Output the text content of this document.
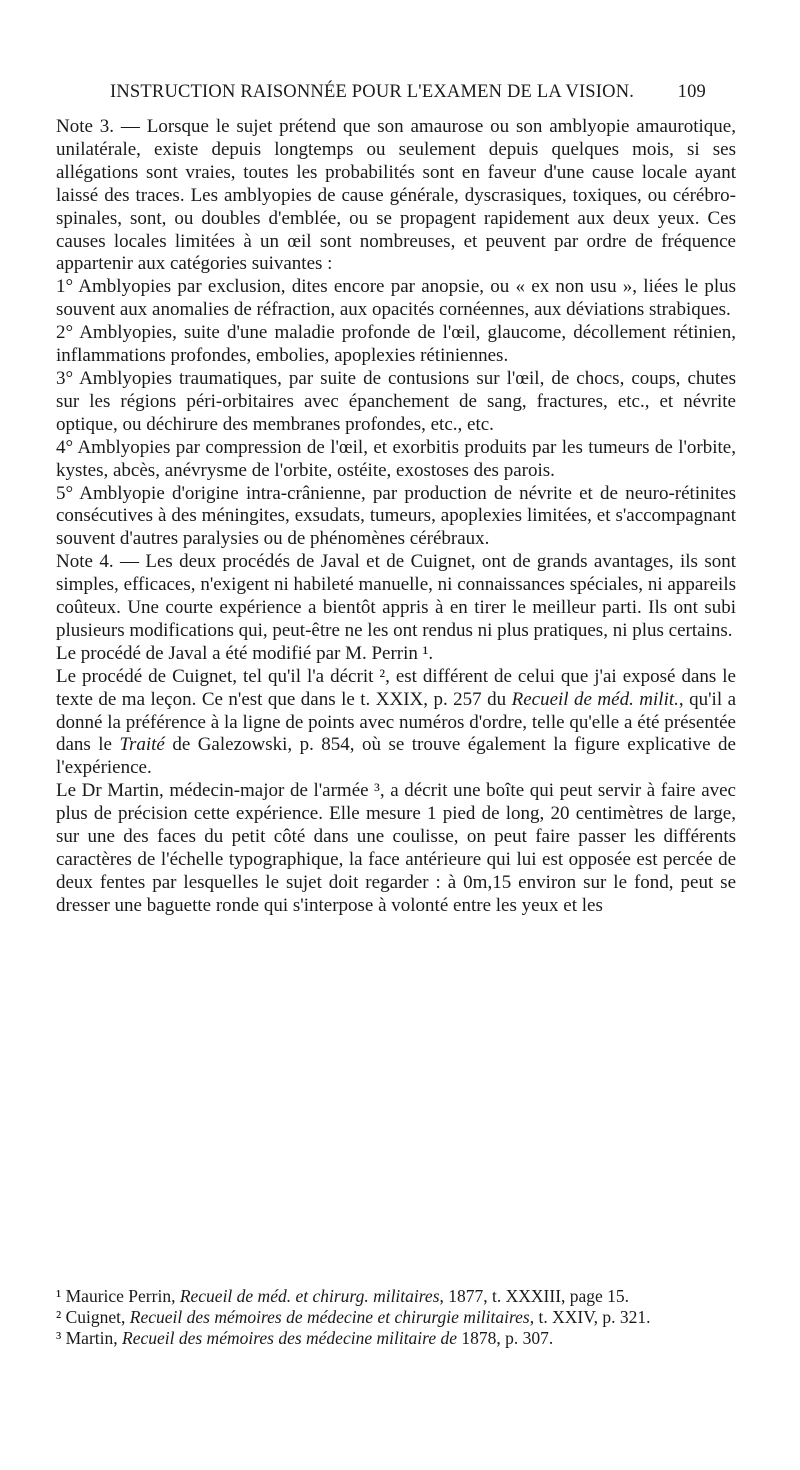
INSTRUCTION RAISONNÉE POUR L'EXAMEN DE LA VISION. 109

Note 3. — Lorsque le sujet prétend que son amaurose ou son amblyopie amaurotique, unilatérale, existe depuis longtemps ou seulement depuis quelques mois, si ses allégations sont vraies, toutes les probabilités sont en faveur d'une cause locale ayant laissé des traces. Les amblyopies de cause générale, dyscrasiques, toxiques, ou cérébro-spinales, sont, ou doubles d'emblée, ou se propagent rapidement aux deux yeux. Ces causes locales limitées à un œil sont nombreuses, et peuvent par ordre de fréquence appartenir aux catégories suivantes :

1° Amblyopies par exclusion, dites encore par anopsie, ou « ex non usu », liées le plus souvent aux anomalies de réfraction, aux opacités cornéennes, aux déviations strabiques.

2° Amblyopies, suite d'une maladie profonde de l'œil, glaucome, décollement rétinien, inflammations profondes, embolies, apoplexies rétiniennes.

3° Amblyopies traumatiques, par suite de contusions sur l'œil, de chocs, coups, chutes sur les régions péri-orbitaires avec épanchement de sang, fractures, etc., et névrite optique, ou déchirure des membranes profondes, etc., etc.

4° Amblyopies par compression de l'œil, et exorbitis produits par les tumeurs de l'orbite, kystes, abcès, anévrysme de l'orbite, ostéite, exostoses des parois.

5° Amblyopie d'origine intra-crânienne, par production de névrite et de neuro-rétinites consécutives à des méningites, exsudats, tumeurs, apoplexies limitées, et s'accompagnant souvent d'autres paralysies ou de phénomènes cérébraux.

Note 4. — Les deux procédés de Javal et de Cuignet, ont de grands avantages, ils sont simples, efficaces, n'exigent ni habileté manuelle, ni connaissances spéciales, ni appareils coûteux. Une courte expérience a bientôt appris à en tirer le meilleur parti. Ils ont subi plusieurs modifications qui, peut-être ne les ont rendus ni plus pratiques, ni plus certains.

Le procédé de Javal a été modifié par M. Perrin ¹.

Le procédé de Cuignet, tel qu'il l'a décrit ², est différent de celui que j'ai exposé dans le texte de ma leçon. Ce n'est que dans le t. XXIX, p. 257 du Recueil de méd. milit., qu'il a donné la préférence à la ligne de points avec numéros d'ordre, telle qu'elle a été présentée dans le Traité de Galezowski, p. 854, où se trouve également la figure explicative de l'expérience.

Le Dr Martin, médecin-major de l'armée ³, a décrit une boîte qui peut servir à faire avec plus de précision cette expérience. Elle mesure 1 pied de long, 20 centimètres de large, sur une des faces du petit côté dans une coulisse, on peut faire passer les différents caractères de l'échelle typographique, la face antérieure qui lui est opposée est percée de deux fentes par lesquelles le sujet doit regarder : à 0m,15 environ sur le fond, peut se dresser une baguette ronde qui s'interpose à volonté entre les yeux et les

¹ Maurice Perrin, Recueil de méd. et chirurg. militaires, 1877, t. XXXIII, page 15.

² Cuignet, Recueil des mémoires de médecine et chirurgie militaires, t. XXIV, p. 321.

³ Martin, Recueil des mémoires des médecine militaire de 1878, p. 307.
